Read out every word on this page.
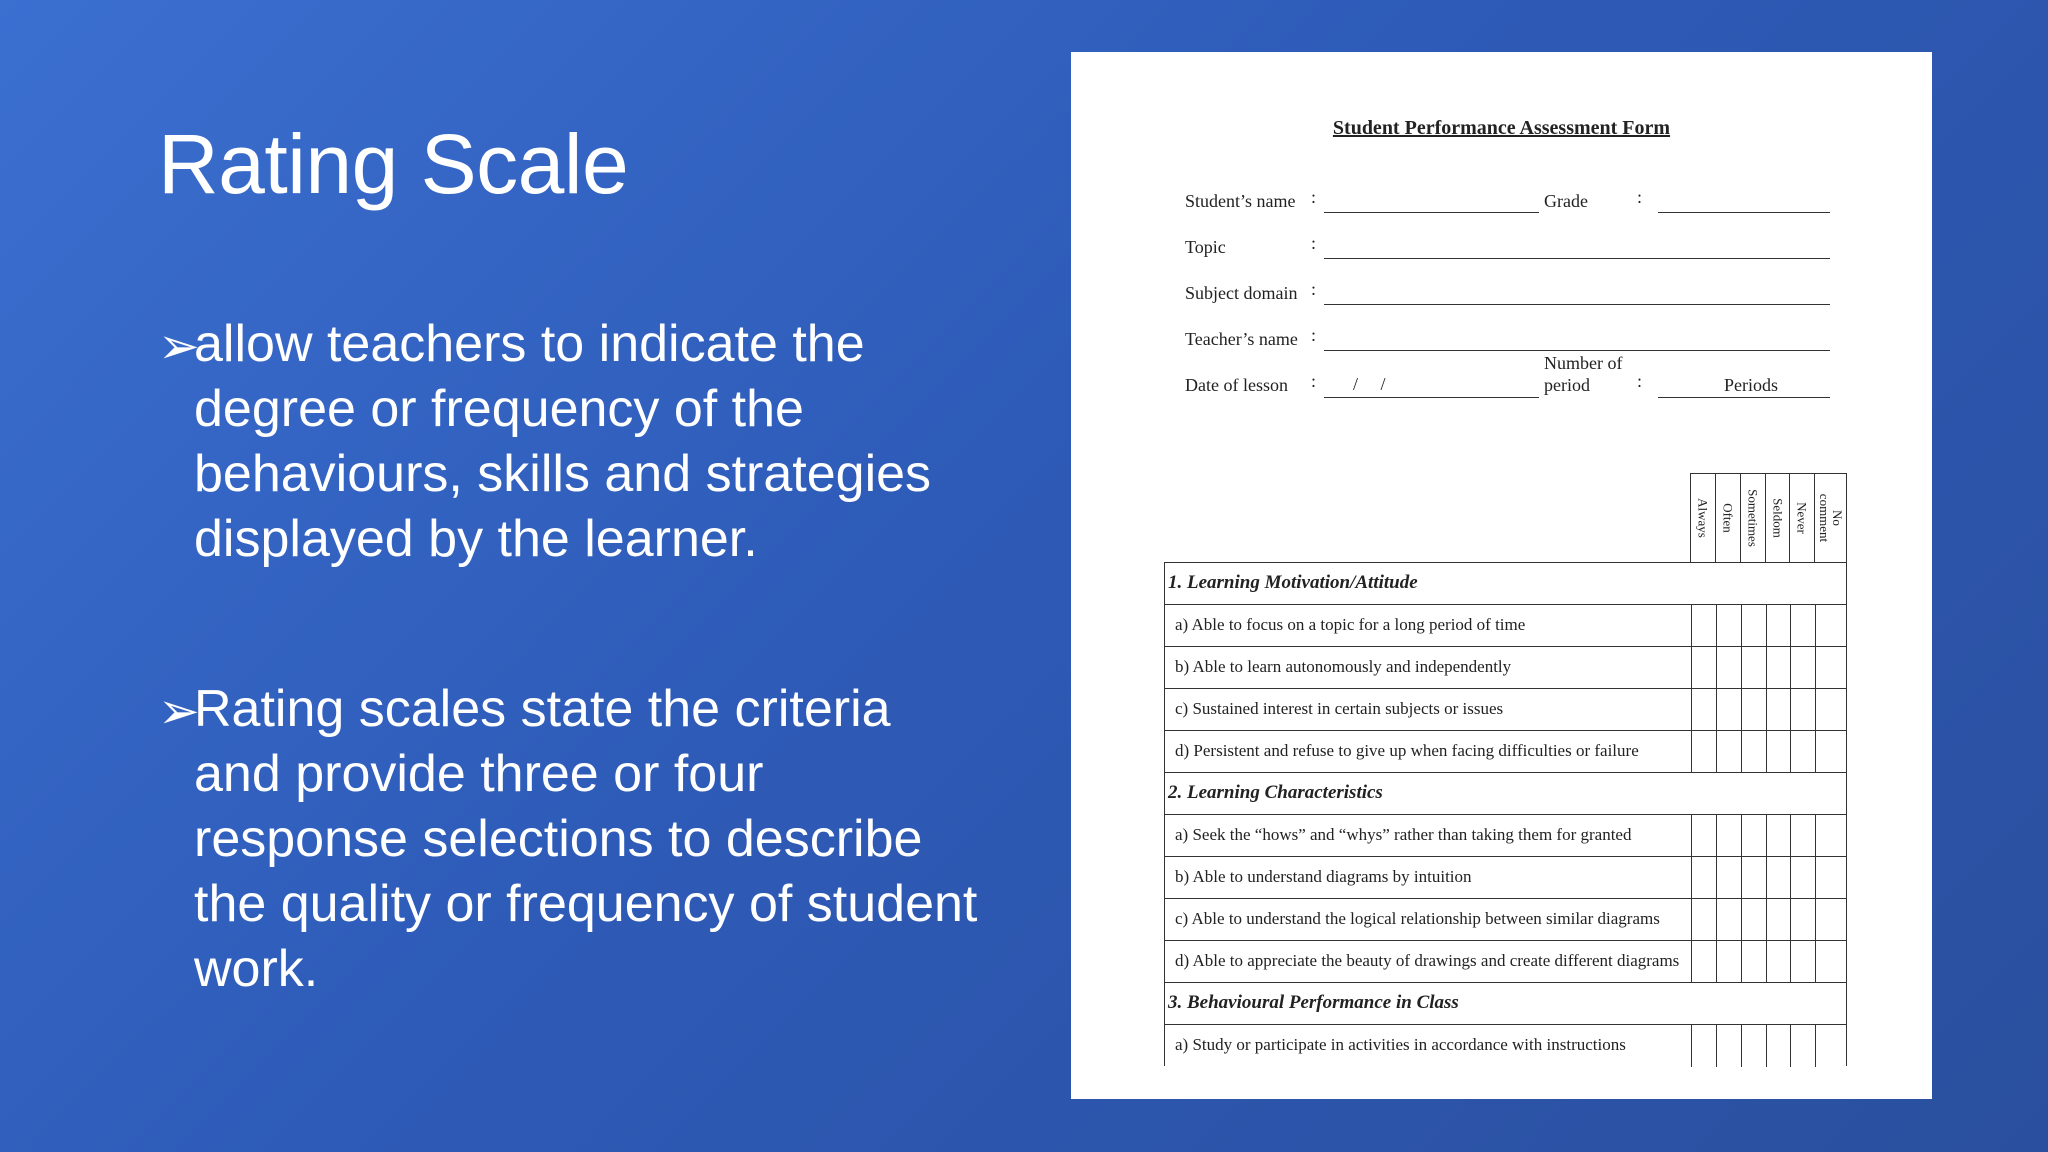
Rating Scale
➢
allow teachers to indicate the degree or frequency of the behaviours, skills and strategies displayed by the learner.
➢
Rating scales state the criteria and provide three or four response selections to describe the quality or frequency of student work.
Student Performance Assessment Form
Student’s name :	Grade	:
Topic	:
Subject domain :
Teacher’s name :
Date of lesson : /     /
Number of
period	:	Periods
Always Often Sometimes Seldom Never	No comment
1. Learning Motivation/Attitude
a) Able to focus on a topic for a long period of time
b) Able to learn autonomously and independently
c) Sustained interest in certain subjects or issues
d) Persistent and refuse to give up when facing difficulties or failure
2. Learning Characteristics
a) Seek the “hows” and “whys” rather than taking them for granted
b) Able to understand diagrams by intuition
c) Able to understand the logical relationship between similar diagrams
d) Able to appreciate the beauty of drawings and create different diagrams
3. Behavioural Performance in Class
a) Study or participate in activities in accordance with instructions
